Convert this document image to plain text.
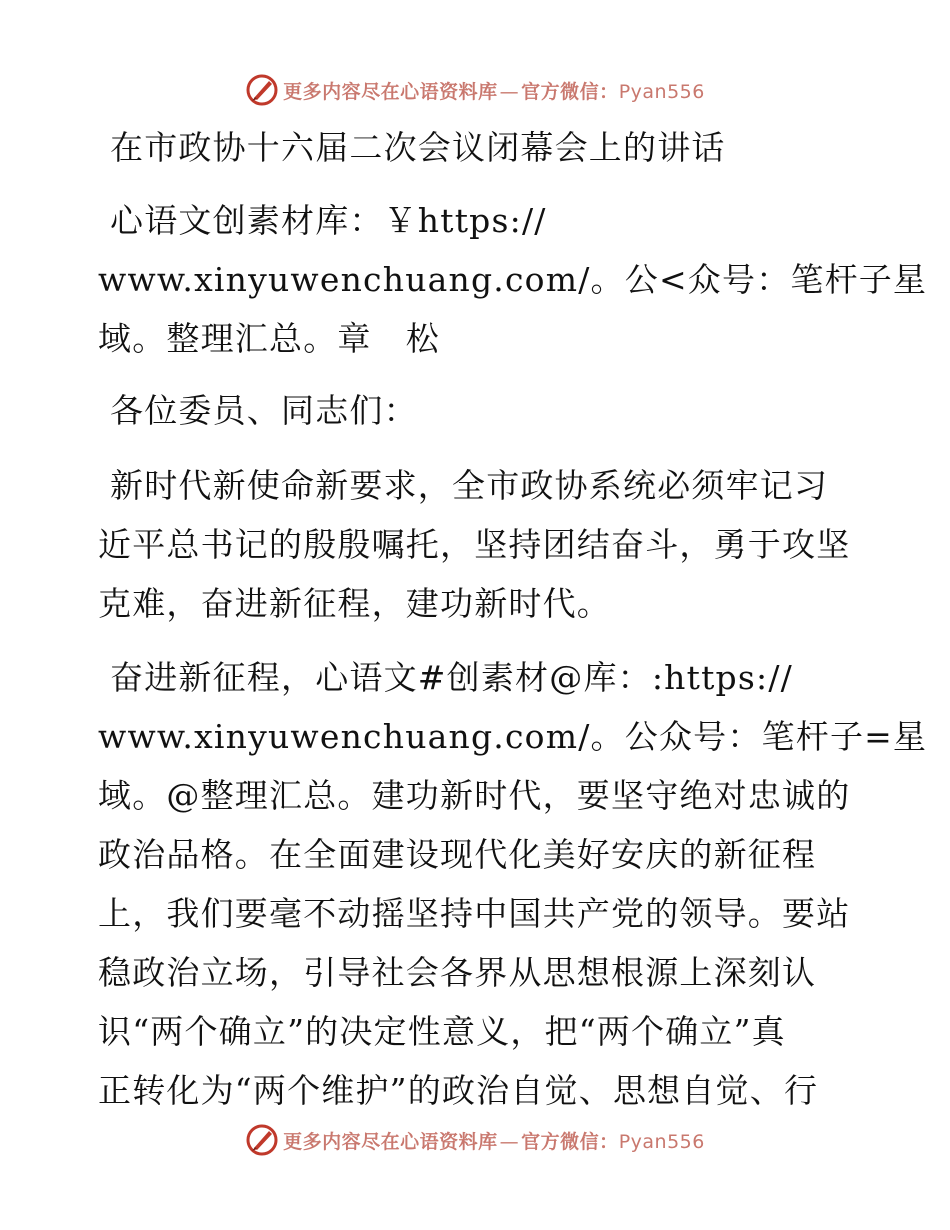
更多内容尽在心语资料库 — 官方微信：Pyan556

在市政协十六届二次会议闭幕会上的讲话

心语文创素材库：￥https://
www.xinyuwenchuang.com/。公<众号：笔杆子星
域。整理汇总。章　松

各位委员、同志们：

新时代新使命新要求，全市政协系统必须牢记习
近平总书记的殷殷嘱托，坚持团结奋斗，勇于攻坚
克难，奋进新征程，建功新时代。

奋进新征程，心语文#创素材@库：:https://
www.xinyuwenchuang.com/。公众号：笔杆子=星
域。@整理汇总。建功新时代，要坚守绝对忠诚的
政治品格。在全面建设现代化美好安庆的新征程
上，我们要毫不动摇坚持中国共产党的领导。要站
稳政治立场，引导社会各界从思想根源上深刻认
识“两个确立”的决定性意义，把“两个确立”真
正转化为“两个维护”的政治自觉、思想自觉、行

更多内容尽在心语资料库 — 官方微信：Pyan556
